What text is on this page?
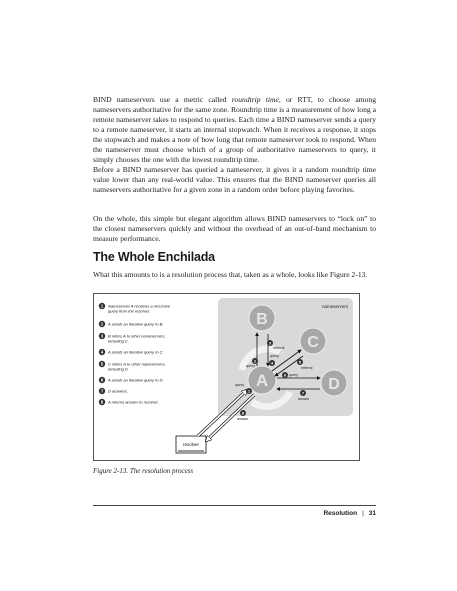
BIND nameservers use a metric called roundtrip time, or RTT, to choose among nameservers authoritative for the same zone. Roundtrip time is a measurement of how long a remote nameserver takes to respond to queries. Each time a BIND nameserver sends a query to a remote nameserver, it starts an internal stopwatch. When it receives a response, it stops the stopwatch and makes a note of how long that remote nameserver took to respond. When the nameserver must choose which of a group of authoritative nameservers to query, it simply chooses the one with the lowest roundtrip time.

Before a BIND nameserver has queried a nameserver, it gives it a random roundtrip time value lower than any real-world value. This ensures that the BIND nameserver queries all nameservers authoritative for a given zone in a random order before playing favorites.

On the whole, this simple but elegant algorithm allows BIND nameservers to “lock on” to the closest nameservers quickly and without the overhead of an out-of-band mechanism to measure performance.

The Whole Enchilada

What this amounts to is a resolution process that, taken as a whole, looks like Figure 2-13.

nameservers
B
C
A	D
resolver
3
referral
5
referral
2
query
4
query
6 query
7
answer
1
query
8
answer
1 Nameserver A receives a recursive
query from the resolver.
2 A sends an iterative query to B.
3 B refers A to other nameservers,
including C.
4 A sends an iterative query to C.
5 C refers A to other nameservers,
including D.
6 A sends an iterative query to D.
7 D answers.
8 A returns answer to resolver.

Figure 2-13. The resolution process

Resolution | 31
